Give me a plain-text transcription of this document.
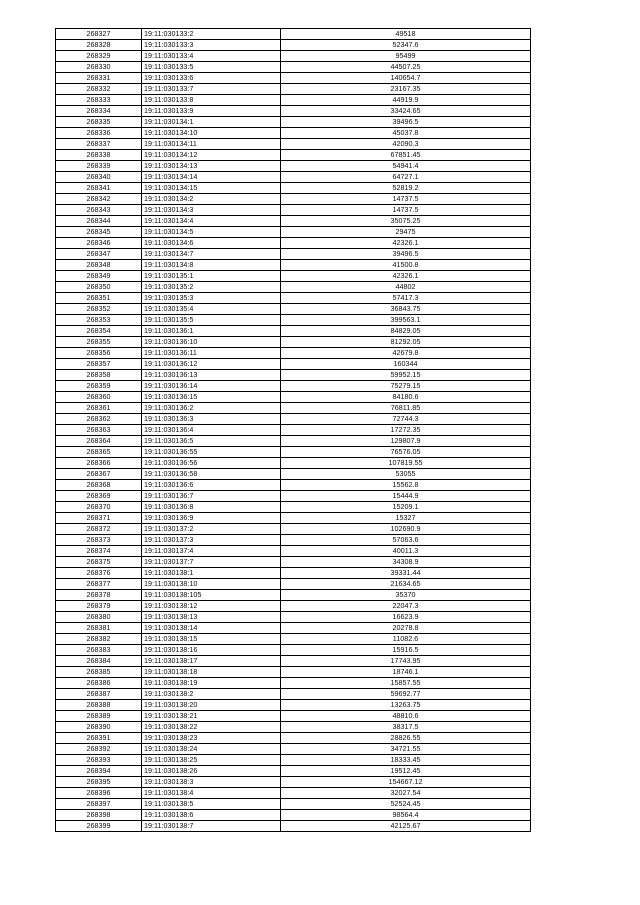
268327	19:11:030133:2	49518
268328	19:11:030133:3	52347.6
268329	19:11:030133:4	95499
268330	19:11:030133:5	44507.25
268331	19:11:030133:6	140654.7
268332	19:11:030133:7	23167.35
268333	19:11:030133:8	44919.9
268334	19:11:030133:9	33424.65
268335	19:11:030134:1	39496.5
268336	19:11:030134:10	45037.8
268337	19:11:030134:11	42090.3
268338	19:11:030134:12	67851.45
268339	19:11:030134:13	54941.4
268340	19:11:030134:14	64727.1
268341	19:11:030134:15	52819.2
268342	19:11:030134:2	14737.5
268343	19:11:030134:3	14737.5
268344	19:11:030134:4	35075.25
268345	19:11:030134:5	29475
268346	19:11:030134:6	42326.1
268347	19:11:030134:7	39496.5
268348	19:11:030134:8	41500.8
268349	19:11:030135:1	42326.1
268350	19:11:030135:2	44802
268351	19:11:030135:3	57417.3
268352	19:11:030135:4	36843.75
268353	19:11:030135:5	399563.1
268354	19:11:030136:1	84829.05
268355	19:11:030136:10	81292.05
268356	19:11:030136:11	42679.8
268357	19:11:030136:12	160344
268358	19:11:030136:13	59952.15
268359	19:11:030136:14	75279.15
268360	19:11:030136:15	84180.6
268361	19:11:030136:2	76811.85
268362	19:11:030136:3	72744.3
268363	19:11:030136:4	17272.35
268364	19:11:030136:5	129807.9
268365	19:11:030136:55	76576.05
268366	19:11:030136:56	107819.55
268367	19:11:030136:58	53055
268368	19:11:030136:6	15562.8
268369	19:11:030136:7	15444.9
268370	19:11:030136:8	15209.1
268371	19:11:030136:9	15327
268372	19:11:030137:2	102690.9
268373	19:11:030137:3	57063.6
268374	19:11:030137:4	40011.3
268375	19:11:030137:7	34308.9
268376	19:11:030138:1	39331.44
268377	19:11:030138:10	21634.65
268378	19:11:030138:105	35370
268379	19:11:030138:12	22047.3
268380	19:11:030138:13	16623.9
268381	19:11:030138:14	20278.8
268382	19:11:030138:15	11082.6
268383	19:11:030138:16	15916.5
268384	19:11:030138:17	17743.95
268385	19:11:030138:18	18746.1
268386	19:11:030138:19	15857.55
268387	19:11:030138:2	59692.77
268388	19:11:030138:20	13263.75
268389	19:11:030138:21	48810.6
268390	19:11:030138:22	38317.5
268391	19:11:030138:23	28826.55
268392	19:11:030138:24	34721.55
268393	19:11:030138:25	18333.45
268394	19:11:030138:26	19512.45
268395	19:11:030138:3	154667.12
268396	19:11:030138:4	32027.54
268397	19:11:030138:5	52524.45
268398	19:11:030138:6	98564.4
268399	19:11:030138:7	42125.67
